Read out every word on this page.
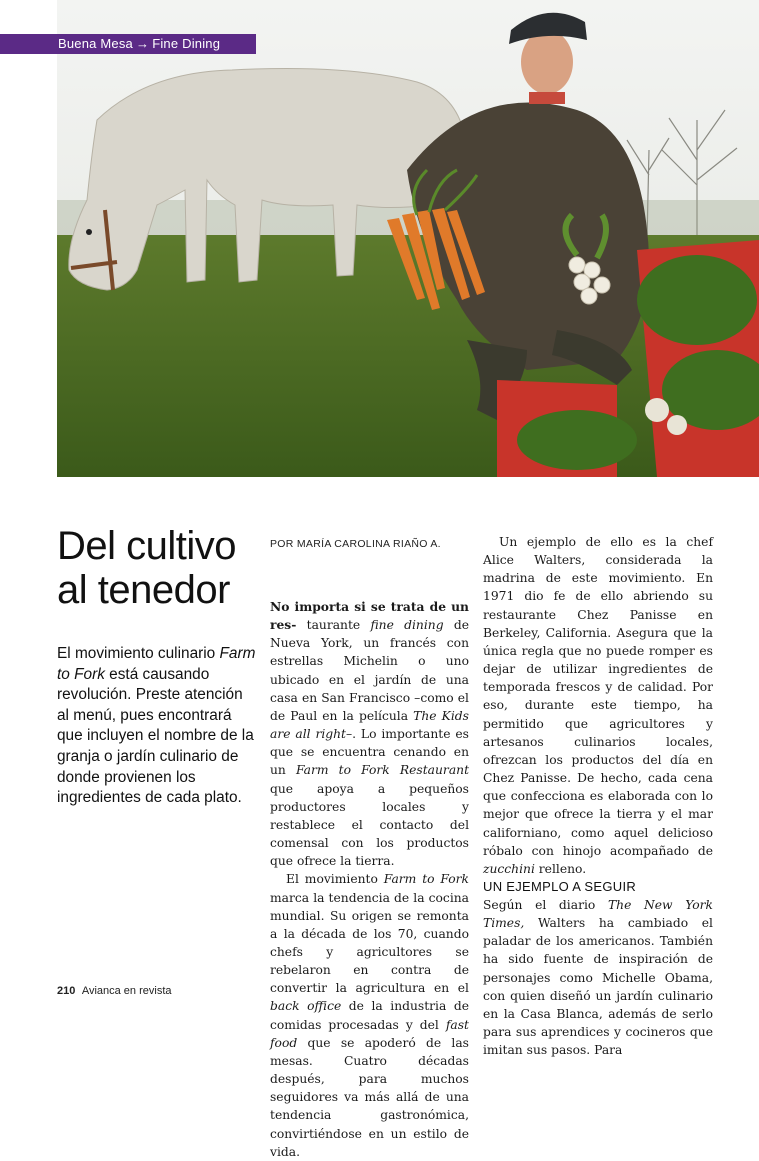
Buena Mesa → Fine Dining
Del cultivo
al tenedor

El movimiento culinario Farm to Fork está causando revolución. Preste atención al menú, pues encontrará que incluyen el nombre de la granja o jardín culinario de donde provienen los ingredientes de cada plato.

POR MARÍA CAROLINA RIAÑO A.

No importa si se trata de un res- taurante fine dining de Nueva York, un francés con estrellas Michelin o uno ubicado en el jardín de una casa en San Francisco –como el de Paul en la película The Kids are all right–. Lo importante es que se encuentra cenando en un Farm to Fork Restaurant que apoya a pequeños productores locales y restablece el contacto del comensal con los productos que ofrece la tierra.

El movimiento Farm to Fork marca la tendencia de la cocina mundial. Su origen se remonta a la década de los 70, cuando chefs y agricultores se rebelaron en contra de convertir la agricultura en el back office de la industria de comidas procesadas y del fast food que se apoderó de las mesas. Cuatro décadas después, para muchos seguidores va más allá de una tendencia gastronómica, convirtiéndose en un estilo de vida.

Un ejemplo de ello es la chef Alice Walters, considerada la madrina de este movimiento. En 1971 dio fe de ello abriendo su restaurante Chez Panisse en Berkeley, California. Asegura que la única regla que no puede romper es dejar de utilizar ingredientes de temporada frescos y de calidad. Por eso, durante este tiempo, ha permitido que agricultores y artesanos culinarios locales, ofrezcan los productos del día en Chez Panisse. De hecho, cada cena que confecciona es elaborada con lo mejor que ofrece la tierra y el mar californiano, como aquel delicioso róbalo con hinojo acompañado de zucchini relleno.

UN EJEMPLO A SEGUIR

Según el diario The New York Times, Walters ha cambiado el paladar de los americanos. También ha sido fuente de inspiración de personajes como Michelle Obama, con quien diseñó un jardín culinario en la Casa Blanca, además de serlo para sus aprendices y cocineros que imitan sus pasos. Para

210 Avianca en revista
